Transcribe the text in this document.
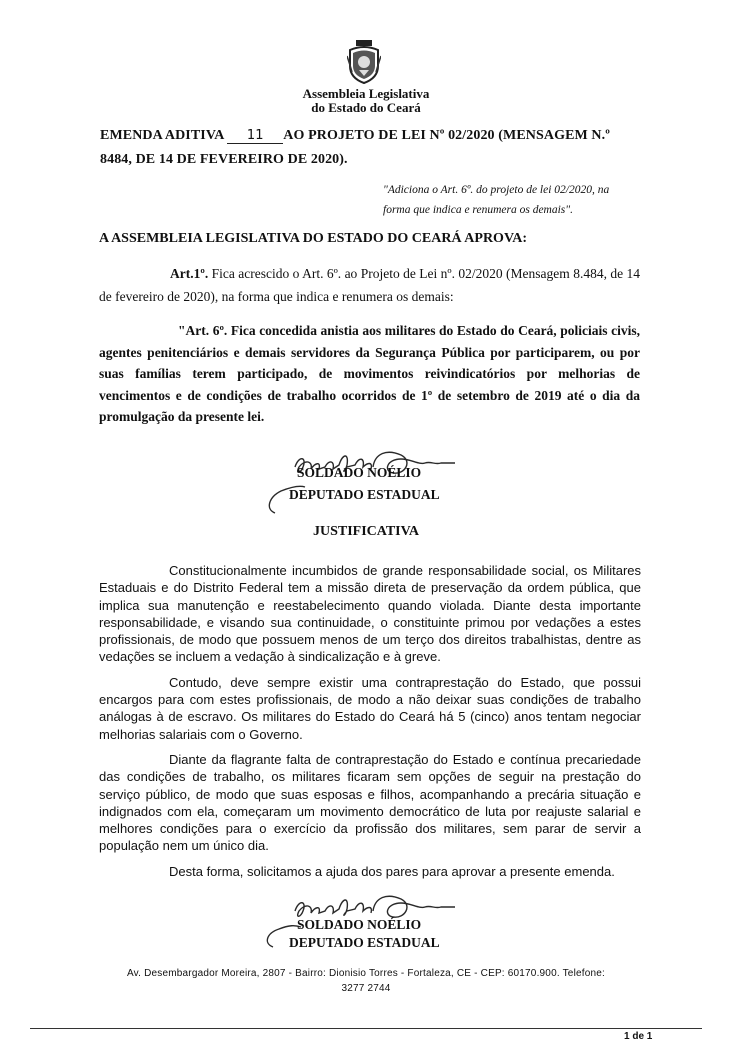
Assembleia Legislativa
do Estado do Ceará
EMENDA ADITIVA 11 AO PROJETO DE LEI Nº 02/2020 (MENSAGEM N.º
8484, DE 14 DE FEVEREIRO DE 2020).
"Adiciona o Art. 6º. do projeto de lei 02/2020, na
forma que indica e renumera os demais".
A ASSEMBLEIA LEGISLATIVA DO ESTADO DO CEARÁ APROVA:
Art.1º. Fica acrescido o Art. 6º. ao Projeto de Lei nº. 02/2020 (Mensagem 8.484, de 14 de fevereiro de 2020), na forma que indica e renumera os demais:
"Art. 6º. Fica concedida anistia aos militares do Estado do Ceará, policiais civis, agentes penitenciários e demais servidores da Segurança Pública por participarem, ou por suas famílias terem participado, de movimentos reivindicatórios por melhorias de vencimentos e de condições de trabalho ocorridos de 1º de setembro de 2019 até o dia da promulgação da presente lei.
SOLDADO NOÉLIO
DEPUTADO ESTADUAL
JUSTIFICATIVA

Constitucionalmente incumbidos de grande responsabilidade social, os Militares Estaduais e do Distrito Federal tem a missão direta de preservação da ordem pública, que implica sua manutenção e reestabelecimento quando violada. Diante desta importante responsabilidade, e visando sua continuidade, o constituinte primou por vedações a estes profissionais, de modo que possuem menos de um terço dos direitos trabalhistas, dentre as vedações se incluem a vedação à sindicalização e à greve.

Contudo, deve sempre existir uma contraprestação do Estado, que possui encargos para com estes profissionais, de modo a não deixar suas condições de trabalho análogas à de escravo. Os militares do Estado do Ceará há 5 (cinco) anos tentam negociar melhorias salariais com o Governo.

Diante da flagrante falta de contraprestação do Estado e contínua precariedade das condições de trabalho, os militares ficaram sem opções de seguir na prestação do serviço público, de modo que suas esposas e filhos, acompanhando a precária situação e indignados com ela, começaram um movimento democrático de luta por reajuste salarial e melhores condições para o exercício da profissão dos militares, sem parar de servir a população nem um único dia.

Desta forma, solicitamos a ajuda dos pares para aprovar a presente emenda.

SOLDADO NOÉLIO
DEPUTADO ESTADUAL
Av. Desembargador Moreira, 2807 - Bairro: Dionisio Torres - Fortaleza, CE - CEP: 60170.900. Telefone:
3277 2744
1 de 1
